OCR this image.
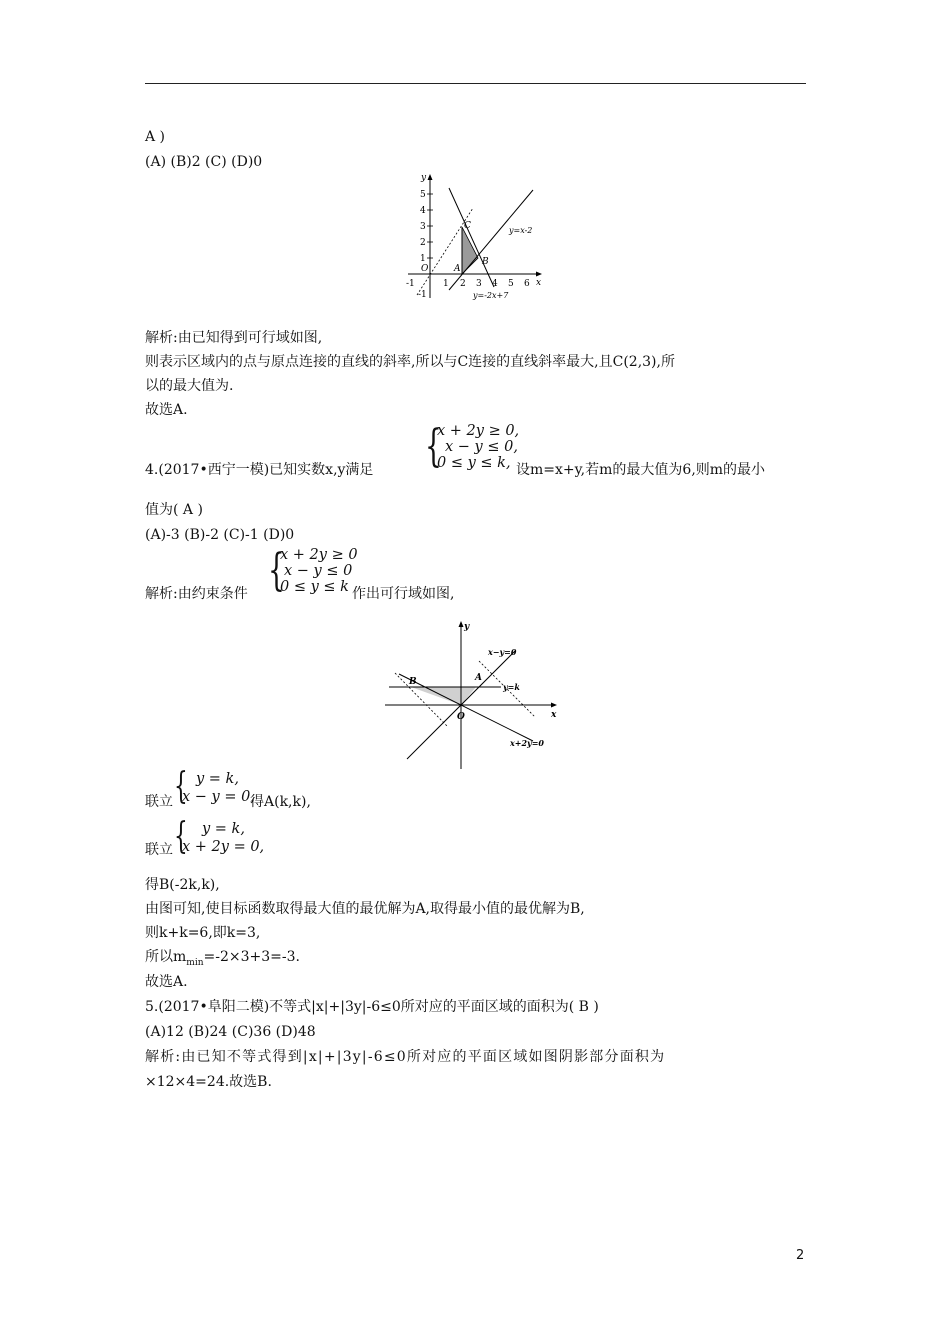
A )
(A) (B)2 (C) (D)0
y
x
5
4
3
2
1
O
-1
-1
1 2 3 4 5 6
A
B
C	y=x-2
y=-2x+7
解析:由已知得到可行域如图,
则表示区域内的点与原点连接的直线的斜率,所以与C连接的直线斜率最大,且C(2,3),所
以的最大值为.
故选A.
4.(2017•西宁一模)已知实数x,y满足 {
x + 2y ≥ 0,
x − y ≤ 0,
0 ≤ y ≤ k, 设m=x+y,若m的最大值为6,则m的最小
值为( A )
(A)-3 (B)-2 (C)-1 (D)0
解析:由约束条件 {
x + 2y ≥ 0
x − y ≤ 0
0 ≤ y ≤ k 作出可行域如图,
y
x
O
A
B
x−y=0
y=k
x+2y=0
联立 { y = k,
x − y = 0,
得A(k,k),
联立 { y = k,
x + 2y = 0,
得B(-2k,k),
由图可知,使目标函数取得最大值的最优解为A,取得最小值的最优解为B,
则k+k=6,即k=3,
所以$m_{min}=-2\times 3+3=-3$.
故选A.
5.(2017•阜阳二模)不等式|x|+|3y|-6≤0所对应的平面区域的面积为( B )
(A)12 (B)24 (C)36 (D)48
解析:由已知不等式得到|x|+|3y|-6≤0所对应的平面区域如图阴影部分面积为
×12×4=24.故选B.
2
